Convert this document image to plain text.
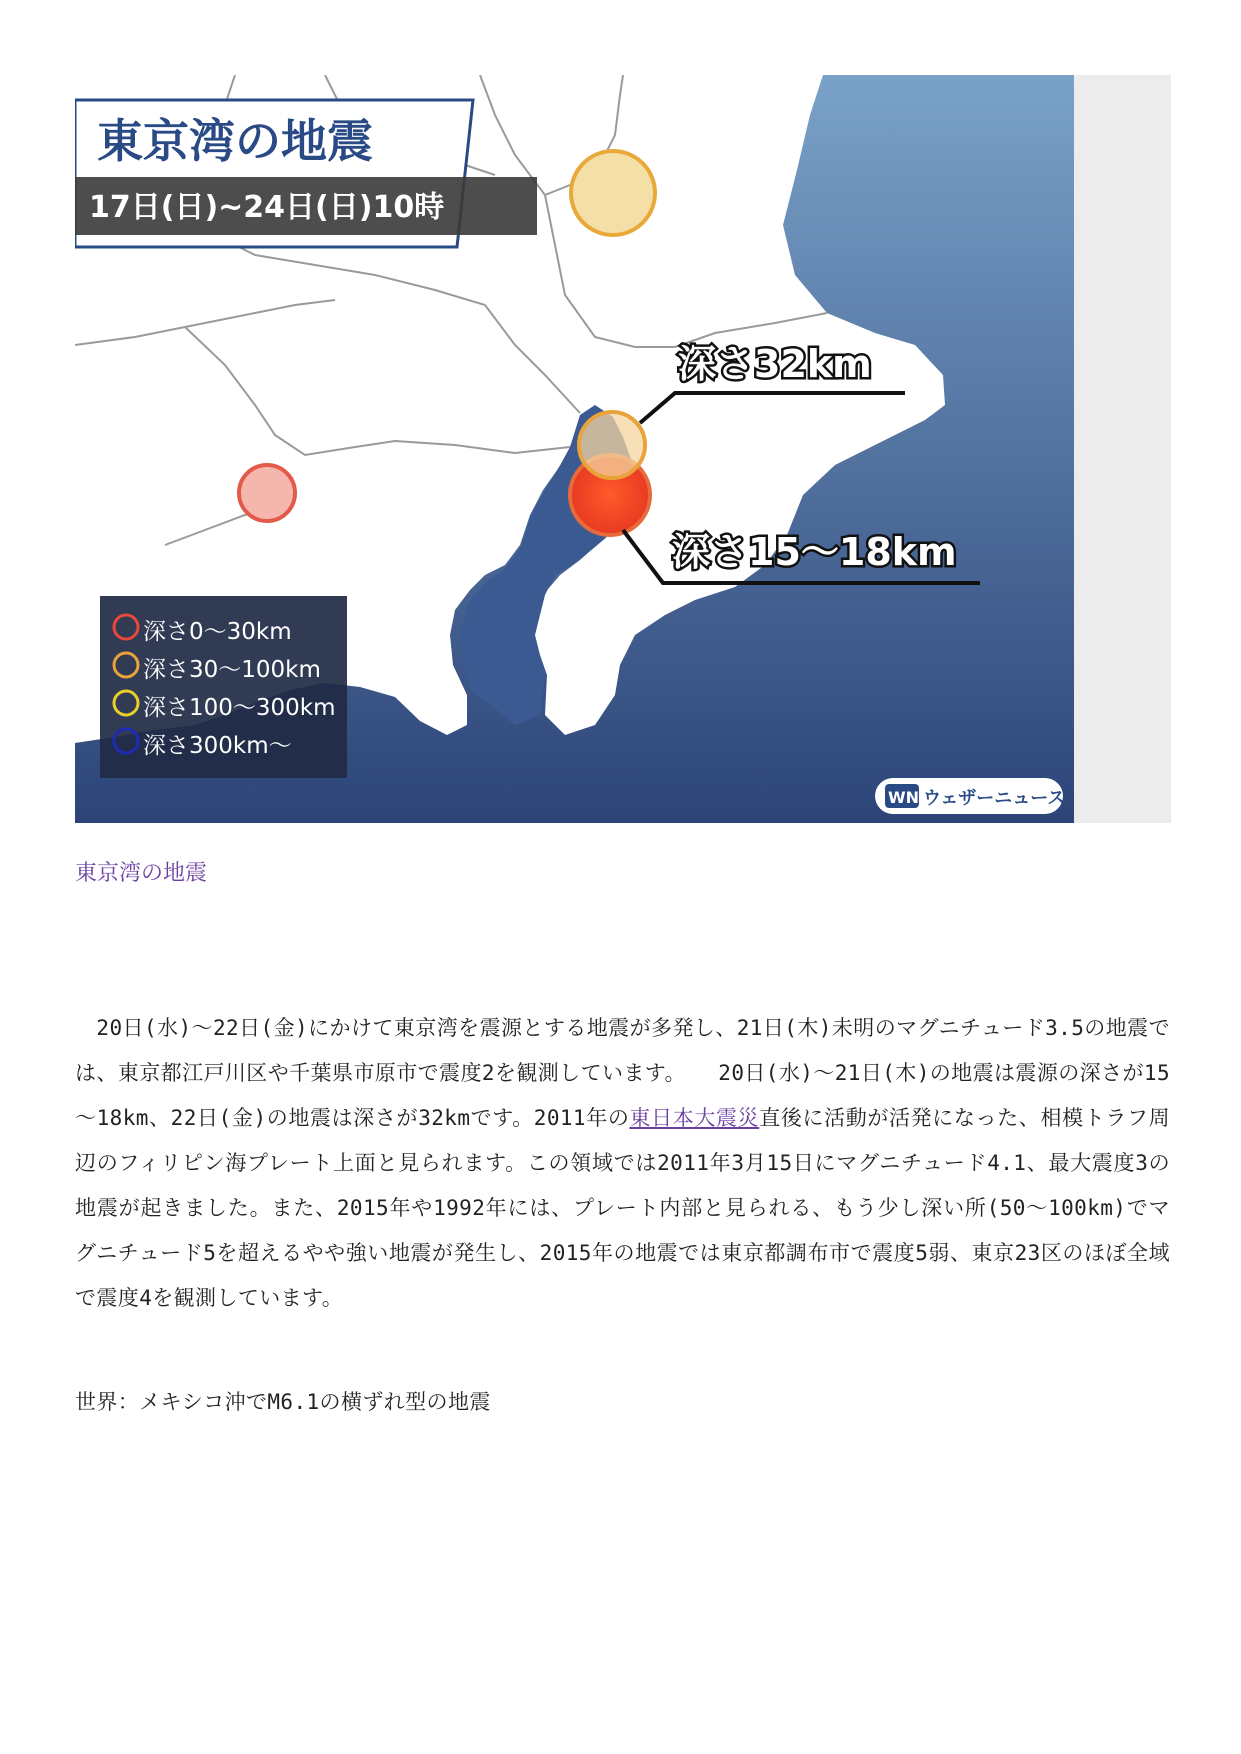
深さ32km
深さ15～18km
東京湾の地震
17日(日)~24日(日)10時
深さ0～30km
深さ30～100km
深さ100～300km
深さ300km～
WN ウェザーニュース
東京湾の地震

　20日(水)～22日(金)にかけて東京湾を震源とする地震が多発し、21日(木)未明のマグニチュード3.5の地震では、東京都江戸川区や千葉県市原市で震度2を観測しています。　　20日(水)～21日(木)の地震は震源の深さが15～18km、22日(金)の地震は深さが32kmです。2011年の東日本大震災直後に活動が活発になった、相模トラフ周辺のフィリピン海プレート上面と見られます。この領域では2011年3月15日にマグニチュード4.1、最大震度3の地震が起きました。また、2015年や1992年には、プレート内部と見られる、もう少し深い所(50～100km)でマグニチュード5を超えるやや強い地震が発生し、2015年の地震では東京都調布市で震度5弱、東京23区のほぼ全域で震度4を観測しています。

世界：メキシコ沖でM6.1の横ずれ型の地震
